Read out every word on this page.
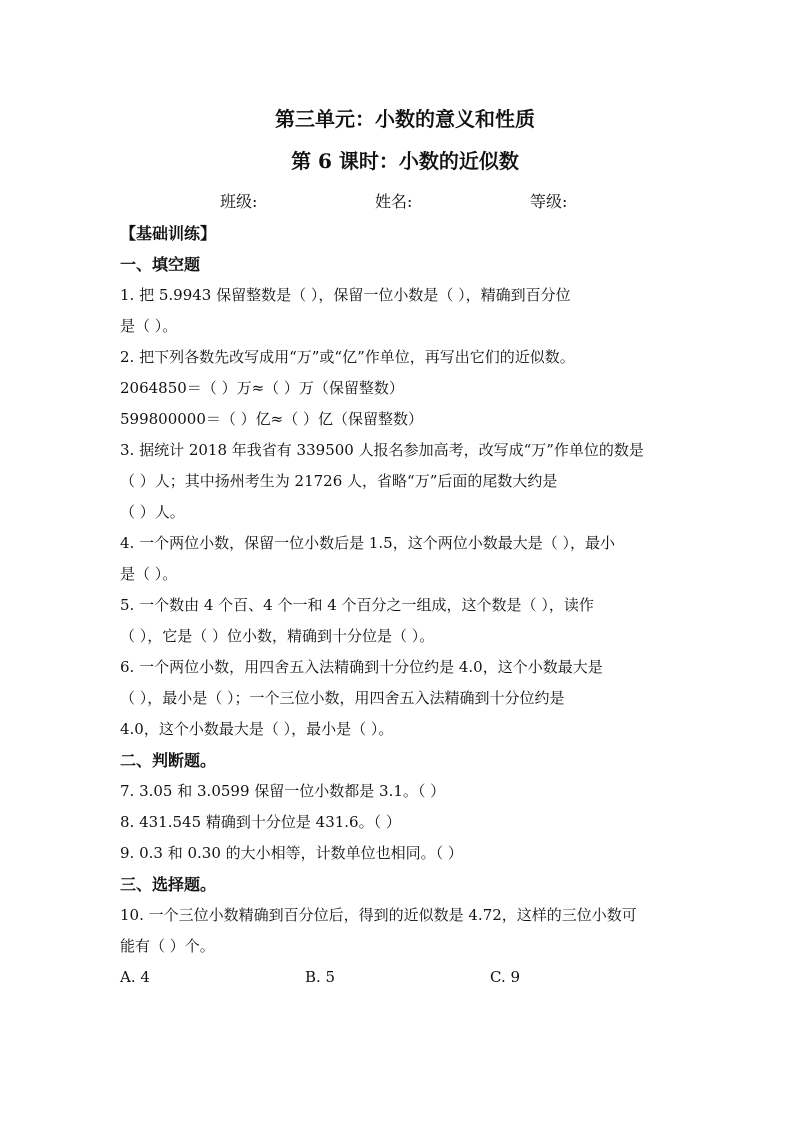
第三单元：小数的意义和性质
第 6 课时：小数的近似数
班级:	姓名:	等级:
【基础训练】
一、填空题
1. 把 5.9943 保留整数是（ ），保留一位小数是（ ），精确到百分位
是（ ）。
2. 把下列各数先改写成用“万”或“亿”作单位，再写出它们的近似数。
2064850＝（ ）万≈（ ）万（保留整数）
599800000＝（ ）亿≈（ ）亿（保留整数）
3. 据统计 2018 年我省有 339500 人报名参加高考，改写成“万”作单位的数是
（ ）人；其中扬州考生为 21726 人，省略“万”后面的尾数大约是
（ ）人。
4. 一个两位小数，保留一位小数后是 1.5，这个两位小数最大是（ ），最小
是（ ）。
5. 一个数由 4 个百、4 个一和 4 个百分之一组成，这个数是（ ），读作
（ ），它是（ ）位小数，精确到十分位是（ ）。
6. 一个两位小数，用四舍五入法精确到十分位约是 4.0，这个小数最大是
（ ），最小是（ ）；一个三位小数，用四舍五入法精确到十分位约是
4.0，这个小数最大是（ ），最小是（ ）。
二、判断题。
7. 3.05 和 3.0599 保留一位小数都是 3.1。（ ）
8. 431.545 精确到十分位是 431.6。（ ）
9. 0.3 和 0.30 的大小相等，计数单位也相同。（ ）
三、选择题。
10. 一个三位小数精确到百分位后，得到的近似数是 4.72，这样的三位小数可
能有（ ）个。
A. 4	B. 5	C. 9
